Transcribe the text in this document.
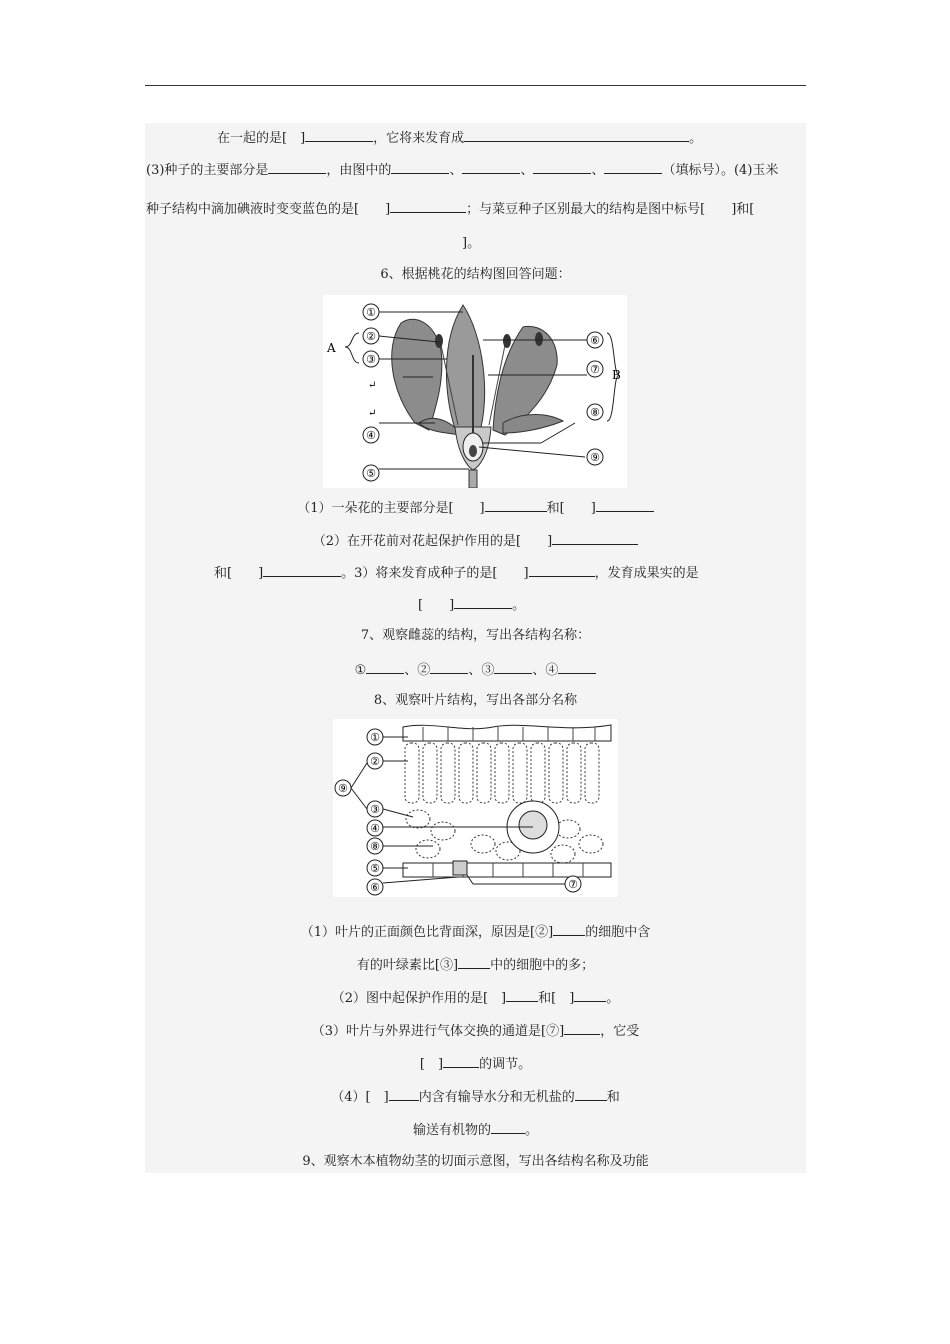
在一起的是[　]	，它将来发育成	。
(3)种子的主要部分是	，由图中的	、	、	、	（填标号）。(4)玉米
种子结构中滴加碘液时变变蓝色的是[　　]	；与菜豆种子区别最大的结构是图中标号[　　]和[
]。
6、根据桃花的结构图回答问题：
①
②
③
↵
↵
④
⑤
A
⑥
⑦
⑧
⑨
B
（1）一朵花的主要部分是[　　]	和[　　]
（2）在开花前对花起保护作用的是[　　]
和[　　]	。3）将来发育成种子的是[　　]	，发育成果实的是
[　　]	。
7、观察雌蕊的结构，写出各结构名称：
①	、②	、③	、④
8、观察叶片结构，写出各部分名称
①
②
⑨
③
④
⑧
⑤
⑥	⑦
（1）叶片的正面颜色比背面深，原因是[②] 的细胞中含
有的叶绿素比[③] 中的细胞中的多；
（2）图中起保护作用的是[　] 和[　] 。
（3）叶片与外界进行气体交换的通道是[⑦]	，它受
[　]	的调节。
（4）[　] 内含有输导水分和无机盐的 和
输送有机物的	。
9、观察木本植物幼茎的切面示意图，写出各结构名称及功能
